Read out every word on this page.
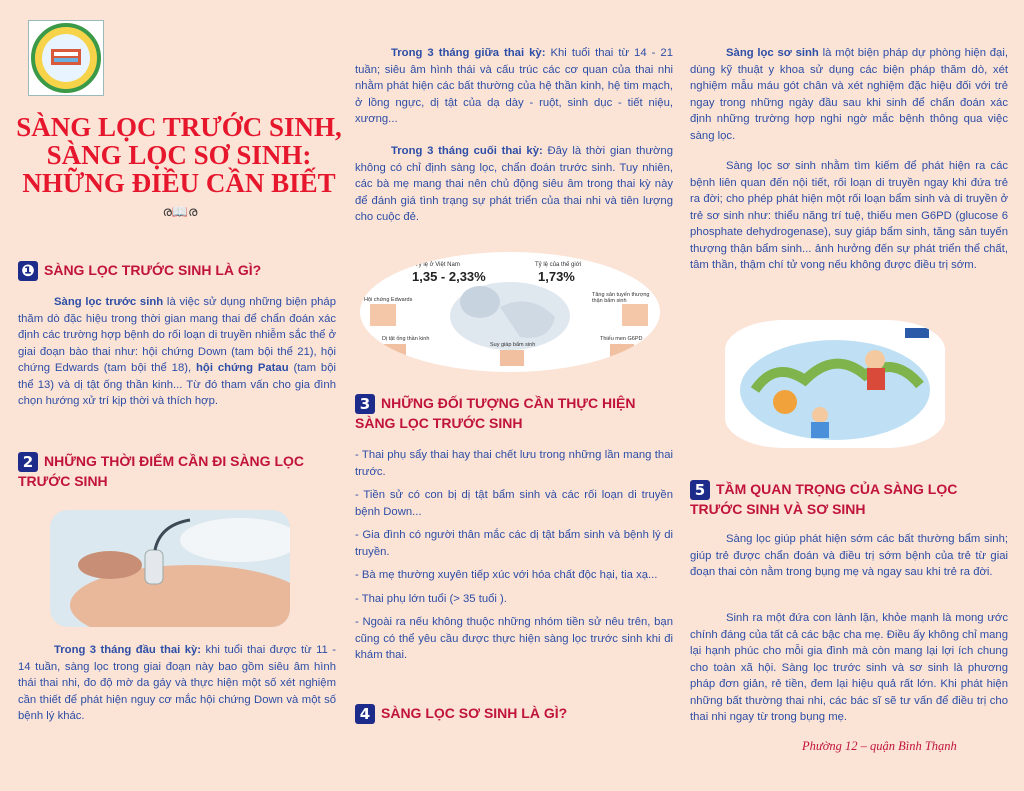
SÀNG LỌC TRƯỚC SINH,
SÀNG LỌC SƠ SINH:
NHỮNG ĐIỀU CẦN BIẾT
ര📖ര
❶ SÀNG LỌC TRƯỚC SINH LÀ GÌ?

Sàng lọc trước sinh là việc sử dụng những biện pháp thăm dò đặc hiệu trong thời gian mang thai để chẩn đoán xác định các trường hợp bệnh do rối loạn di truyền nhiễm sắc thể ở giai đoạn bào thai như: hội chứng Down (tam bội thể 21), hội chứng Edwards (tam bội thể 18), hội chứng Patau (tam bội thể 13) và dị tật ống thần kinh... Từ đó tham vấn cho gia đình chọn hướng xử trí kịp thời và thích hợp.

2 NHỮNG THỜI ĐIỂM CẦN ĐI SÀNG LỌC TRƯỚC SINH

Trong 3 tháng đầu thai kỳ: khi tuổi thai được từ 11 - 14 tuần, sàng lọc trong giai đoạn này bao gồm siêu âm hình thái thai nhi, đo độ mờ da gáy và thực hiện một số xét nghiệm cần thiết để phát hiện nguy cơ mắc hội chứng Down và một số bệnh lý khác.

Trong 3 tháng giữa thai kỳ: Khi tuổi thai từ 14 - 21 tuần; siêu âm hình thái và cấu trúc các cơ quan của thai nhi nhằm phát hiện các bất thường của hệ thần kinh, hệ tim mạch, ở lồng ngực, dị tật của dạ dày - ruột, sinh dục - tiết niệu, xương...

Trong 3 tháng cuối thai kỳ: Đây là thời gian thường không có chỉ định sàng lọc, chẩn đoán trước sinh. Tuy nhiên, các bà mẹ mang thai nên chủ động siêu âm trong thai kỳ này để đánh giá tình trạng sự phát triển của thai nhi và tiên lượng cho cuộc đẻ.

Tỷ lệ ở Việt Nam
1,35 - 2,33%
Tỷ lệ của thế giới
1,73%
Hội chứng Edwards
Tăng sản tuyến thượng thận bẩm sinh
Dị tật ống thần kinh
Suy giáp bẩm sinh
Thiếu men G6PD
3 NHỮNG ĐỐI TƯỢNG CẦN THỰC HIỆN SÀNG LỌC TRƯỚC SINH

- Thai phụ sẩy thai hay thai chết lưu trong những lần mang thai trước.

- Tiền sử có con bị dị tật bẩm sinh và các rối loạn di truyền bệnh Down...

- Gia đình có người thân mắc các dị tật bẩm sinh và bệnh lý di truyền.

- Bà mẹ thường xuyên tiếp xúc với hóa chất độc hại, tia xạ...

- Thai phụ lớn tuổi (> 35 tuổi ).

- Ngoài ra nếu không thuộc những nhóm tiền sử nêu trên, bạn cũng có thể yêu cầu được thực hiện sàng lọc trước sinh khi đi khám thai.

4 SÀNG LỌC SƠ SINH LÀ GÌ?

Sàng lọc sơ sinh là một biện pháp dự phòng hiện đại, dùng kỹ thuật y khoa sử dụng các biện pháp thăm dò, xét nghiệm mẫu máu gót chân và xét nghiệm đặc hiệu đối với trẻ ngay trong những ngày đầu sau khi sinh để chẩn đoán xác định những trường hợp nghi ngờ mắc bệnh thông qua việc sàng lọc.

Sàng lọc sơ sinh nhằm tìm kiếm để phát hiện ra các bệnh liên quan đến nội tiết, rối loạn di truyền ngay khi đứa trẻ ra đời; cho phép phát hiện một rối loạn bẩm sinh và di truyền ở trẻ sơ sinh như: thiểu năng trí tuệ, thiếu men G6PD (glucose 6 phosphate dehydrogenase), suy giáp bẩm sinh, tăng sản tuyến thượng thận bẩm sinh... ảnh hưởng đến sự phát triển thể chất, tâm thần, thậm chí tử vong nếu không được điều trị sớm.

5 TẦM QUAN TRỌNG CỦA SÀNG LỌC TRƯỚC SINH VÀ SƠ SINH

Sàng lọc giúp phát hiện sớm các bất thường bẩm sinh; giúp trẻ được chẩn đoán và điều trị sớm bệnh của trẻ từ giai đoạn thai còn nằm trong bụng mẹ và ngay sau khi trẻ ra đời.

Sinh ra một đứa con lành lặn, khỏe mạnh là mong ước chính đáng của tất cả các bậc cha mẹ. Điều ấy không chỉ mang lại hạnh phúc cho mỗi gia đình mà còn mang lại lợi ích chung cho toàn xã hội. Sàng lọc trước sinh và sơ sinh là phương pháp đơn giản, rẻ tiền, đem lại hiệu quả rất lớn. Khi phát hiện những bất thường thai nhi, các bác sĩ sẽ tư vấn để điều trị cho thai nhi ngay từ trong bụng mẹ.

Phường 12 – quận Bình Thạnh
